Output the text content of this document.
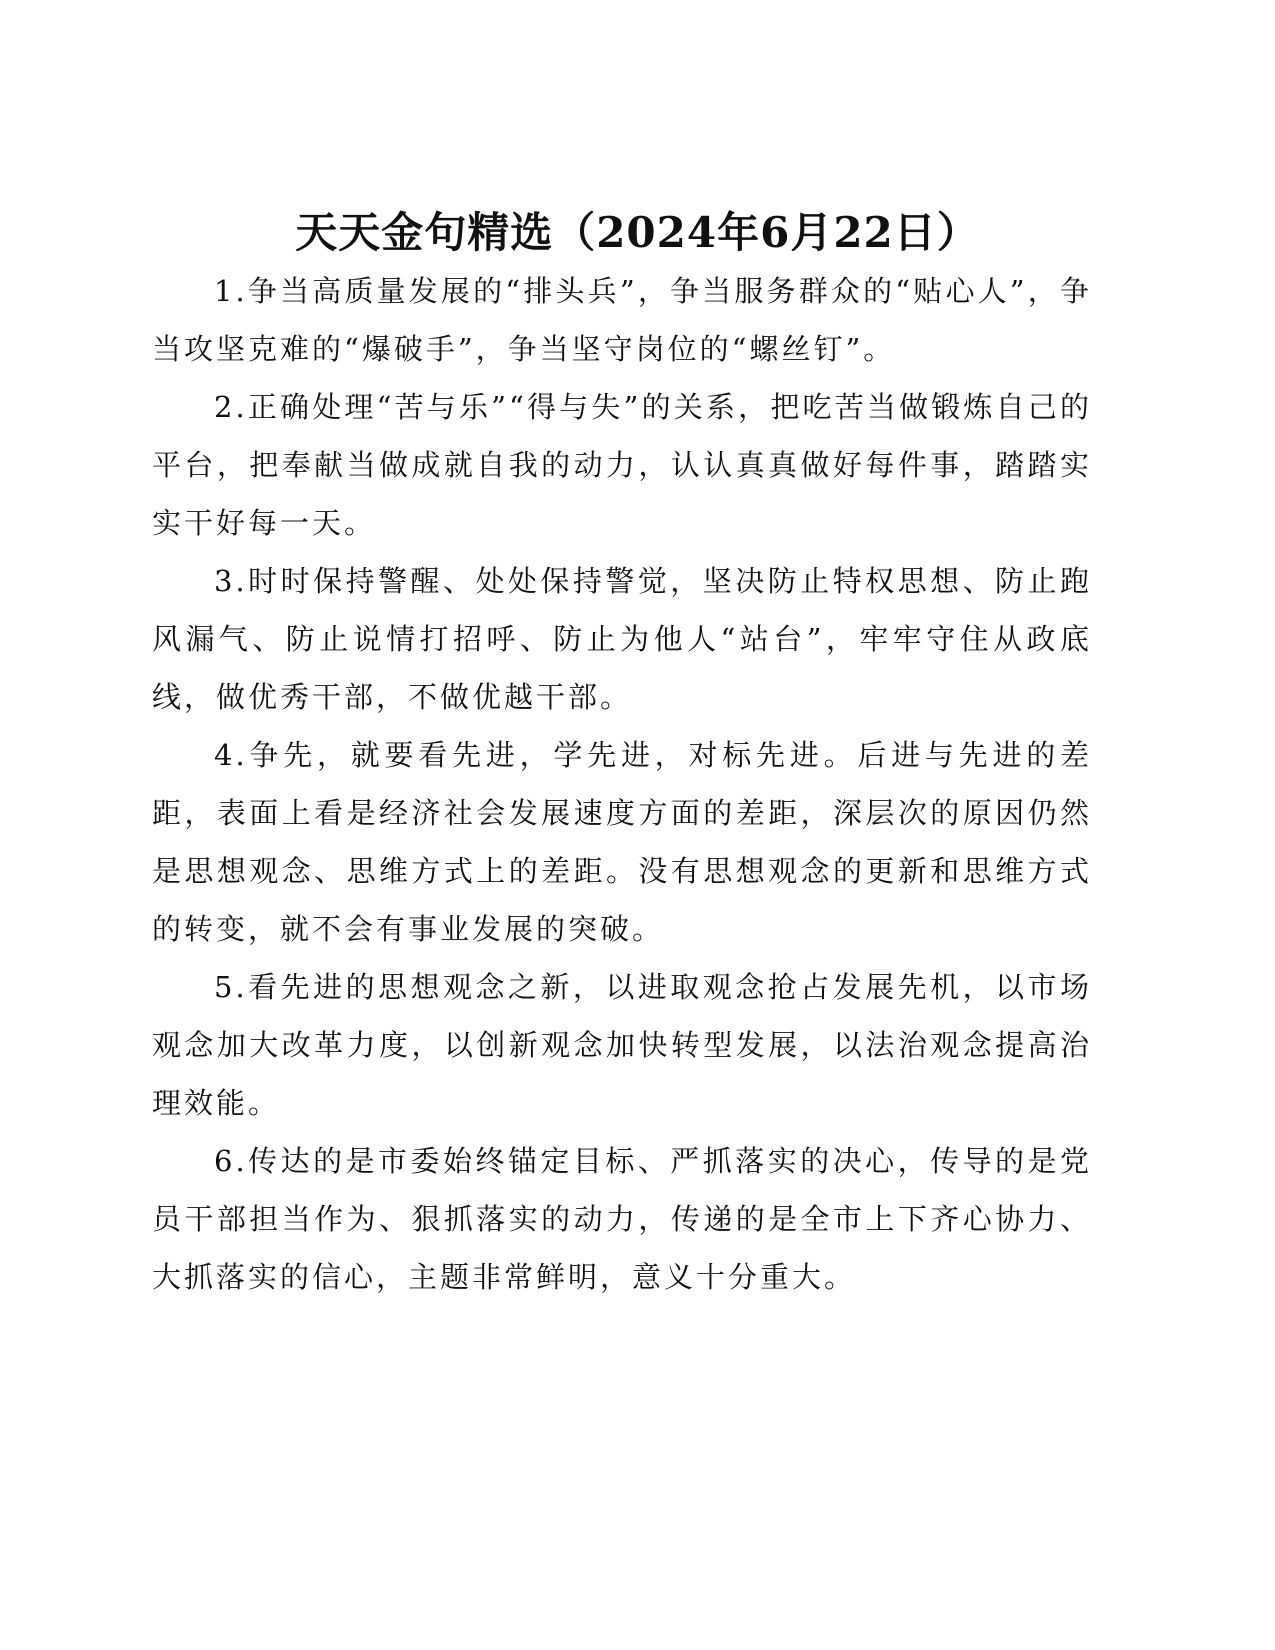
天天金句精选（2024年6月22日）

1.争当高质量发展的“排头兵”，争当服务群众的“贴心人”，争当攻坚克难的“爆破手”，争当坚守岗位的“螺丝钉”。

2.正确处理“苦与乐”“得与失”的关系，把吃苦当做锻炼自己的平台，把奉献当做成就自我的动力，认认真真做好每件事，踏踏实实干好每一天。

3.时时保持警醒、处处保持警觉，坚决防止特权思想、防止跑风漏气、防止说情打招呼、防止为他人“站台”，牢牢守住从政底线，做优秀干部，不做优越干部。

4.争先，就要看先进，学先进，对标先进。后进与先进的差距，表面上看是经济社会发展速度方面的差距，深层次的原因仍然是思想观念、思维方式上的差距。没有思想观念的更新和思维方式的转变，就不会有事业发展的突破。

5.看先进的思想观念之新，以进取观念抢占发展先机，以市场观念加大改革力度，以创新观念加快转型发展，以法治观念提高治理效能。

6.传达的是市委始终锚定目标、严抓落实的决心，传导的是党员干部担当作为、狠抓落实的动力，传递的是全市上下齐心协力、大抓落实的信心，主题非常鲜明，意义十分重大。
